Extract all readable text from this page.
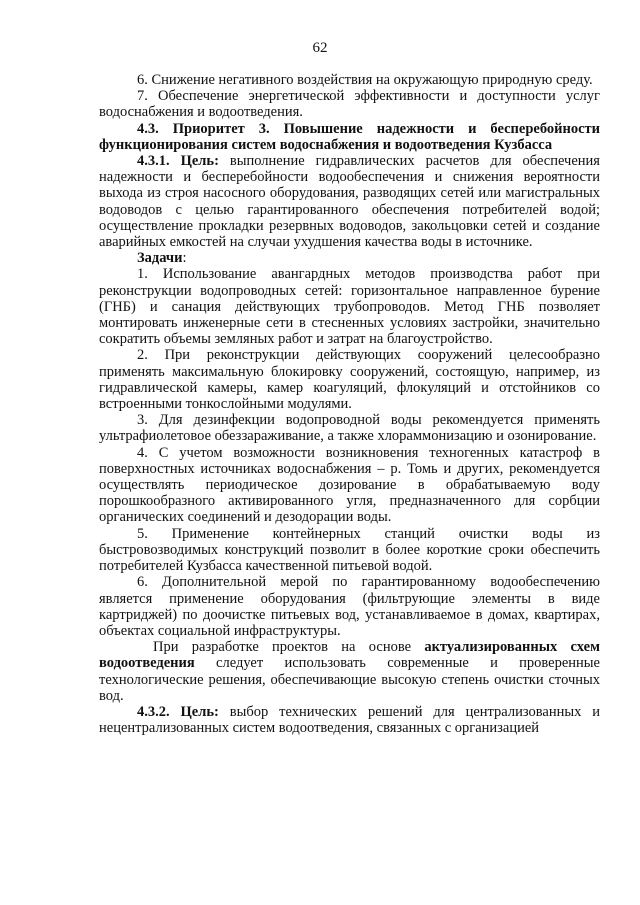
62

6. Снижение негативного воздействия на окружающую природную среду.

7. Обеспечение энергетической эффективности и доступности услуг водоснабжения и водоотведения.

4.3. Приоритет 3. Повышение надежности и бесперебойности функционирования систем водоснабжения и водоотведения Кузбасса

4.3.1. Цель: выполнение гидравлических расчетов для обеспечения надежности и бесперебойности водообеспечения и снижения вероятности выхода из строя насосного оборудования, разводящих сетей или магистральных водоводов с целью гарантированного обеспечения потребителей водой; осуществление прокладки резервных водоводов, закольцовки сетей и создание аварийных емкостей на случаи ухудшения качества воды в источнике.

Задачи:

1. Использование авангардных методов производства работ при реконструкции водопроводных сетей: горизонтальное направленное бурение (ГНБ) и санация действующих трубопроводов. Метод ГНБ позволяет монтировать инженерные сети в стесненных условиях застройки, значительно сократить объемы земляных работ и затрат на благоустройство.

2. При реконструкции действующих сооружений целесообразно применять максимальную блокировку сооружений, состоящую, например, из гидравлической камеры, камер коагуляций, флокуляций и отстойников со встроенными тонкослойными модулями.

3. Для дезинфекции водопроводной воды рекомендуется применять ультрафиолетовое обеззараживание, а также хлораммонизацию и озонирование.

4. С учетом возможности возникновения техногенных катастроф в поверхностных источниках водоснабжения – р. Томь и других, рекомендуется осуществлять периодическое дозирование в обрабатываемую воду порошкообразного активированного угля, предназначенного для сорбции органических соединений и дезодорации воды.

5. Применение контейнерных станций очистки воды из быстровозводимых конструкций позволит в более короткие сроки обеспечить потребителей Кузбасса качественной питьевой водой.

6. Дополнительной мерой по гарантированному водообеспечению является применение оборудования (фильтрующие элементы в виде картриджей) по доочистке питьевых вод, устанавливаемое в домах, квартирах, объектах социальной инфраструктуры.

При разработке проектов на основе актуализированных схем водоотведения следует использовать современные и проверенные технологические решения, обеспечивающие высокую степень очистки сточных вод.

4.3.2. Цель: выбор технических решений для централизованных и нецентрализованных систем водоотведения, связанных с организацией
